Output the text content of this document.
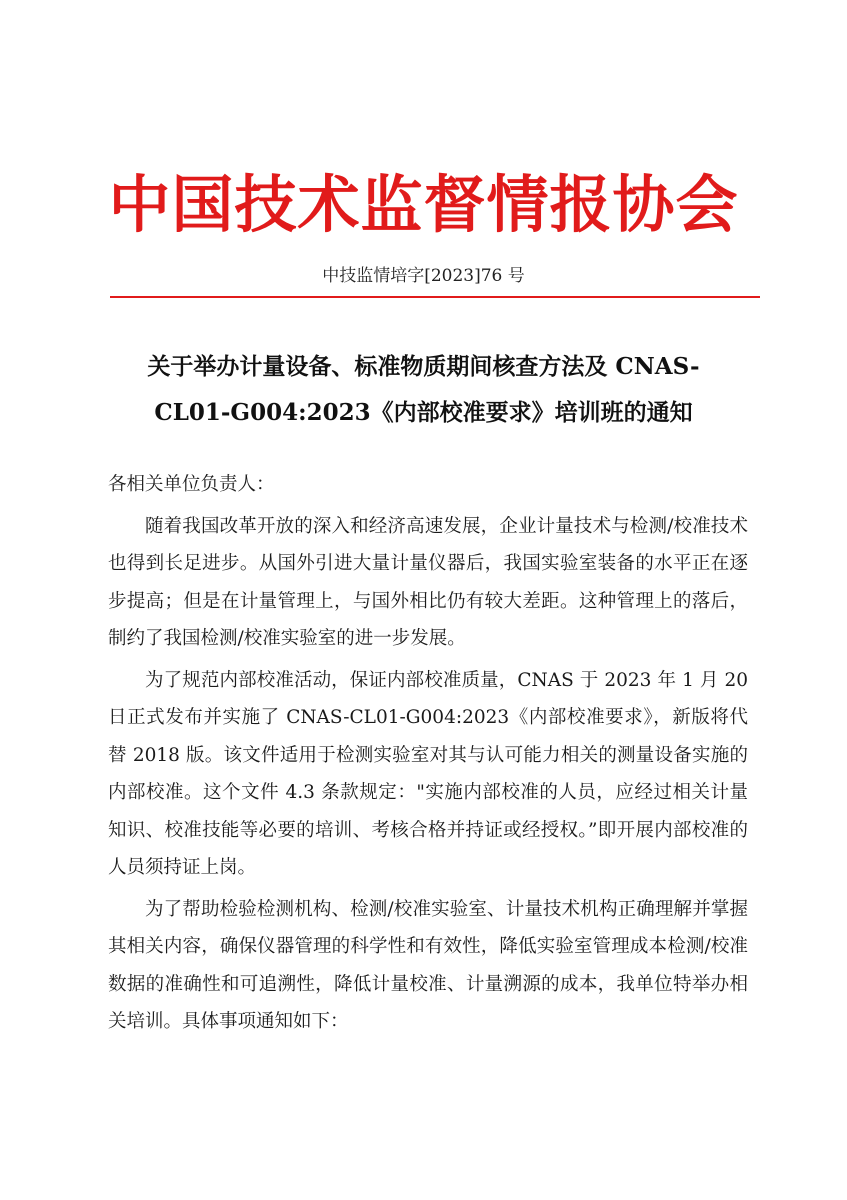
中国技术监督情报协会
中技监情培字[2023]76 号
关于举办计量设备、标准物质期间核查方法及 CNAS-
CL01-G004:2023《内部校准要求》培训班的通知

各相关单位负责人：

随着我国改革开放的深入和经济高速发展，企业计量技术与检测/校准技术也得到长足进步。从国外引进大量计量仪器后，我国实验室装备的水平正在逐步提高；但是在计量管理上，与国外相比仍有较大差距。这种管理上的落后，制约了我国检测/校准实验室的进一步发展。

为了规范内部校准活动，保证内部校准质量，CNAS 于 2023 年 1 月 20 日正式发布并实施了 CNAS-CL01-G004:2023《内部校准要求》，新版将代替 2018 版。该文件适用于检测实验室对其与认可能力相关的测量设备实施的内部校准。这个文件 4.3 条款规定："实施内部校准的人员，应经过相关计量知识、校准技能等必要的培训、考核合格并持证或经授权。”即开展内部校准的人员须持证上岗。

为了帮助检验检测机构、检测/校准实验室、计量技术机构正确理解并掌握其相关内容，确保仪器管理的科学性和有效性，降低实验室管理成本检测/校准数据的准确性和可追溯性，降低计量校准、计量溯源的成本，我单位特举办相关培训。具体事项通知如下：
